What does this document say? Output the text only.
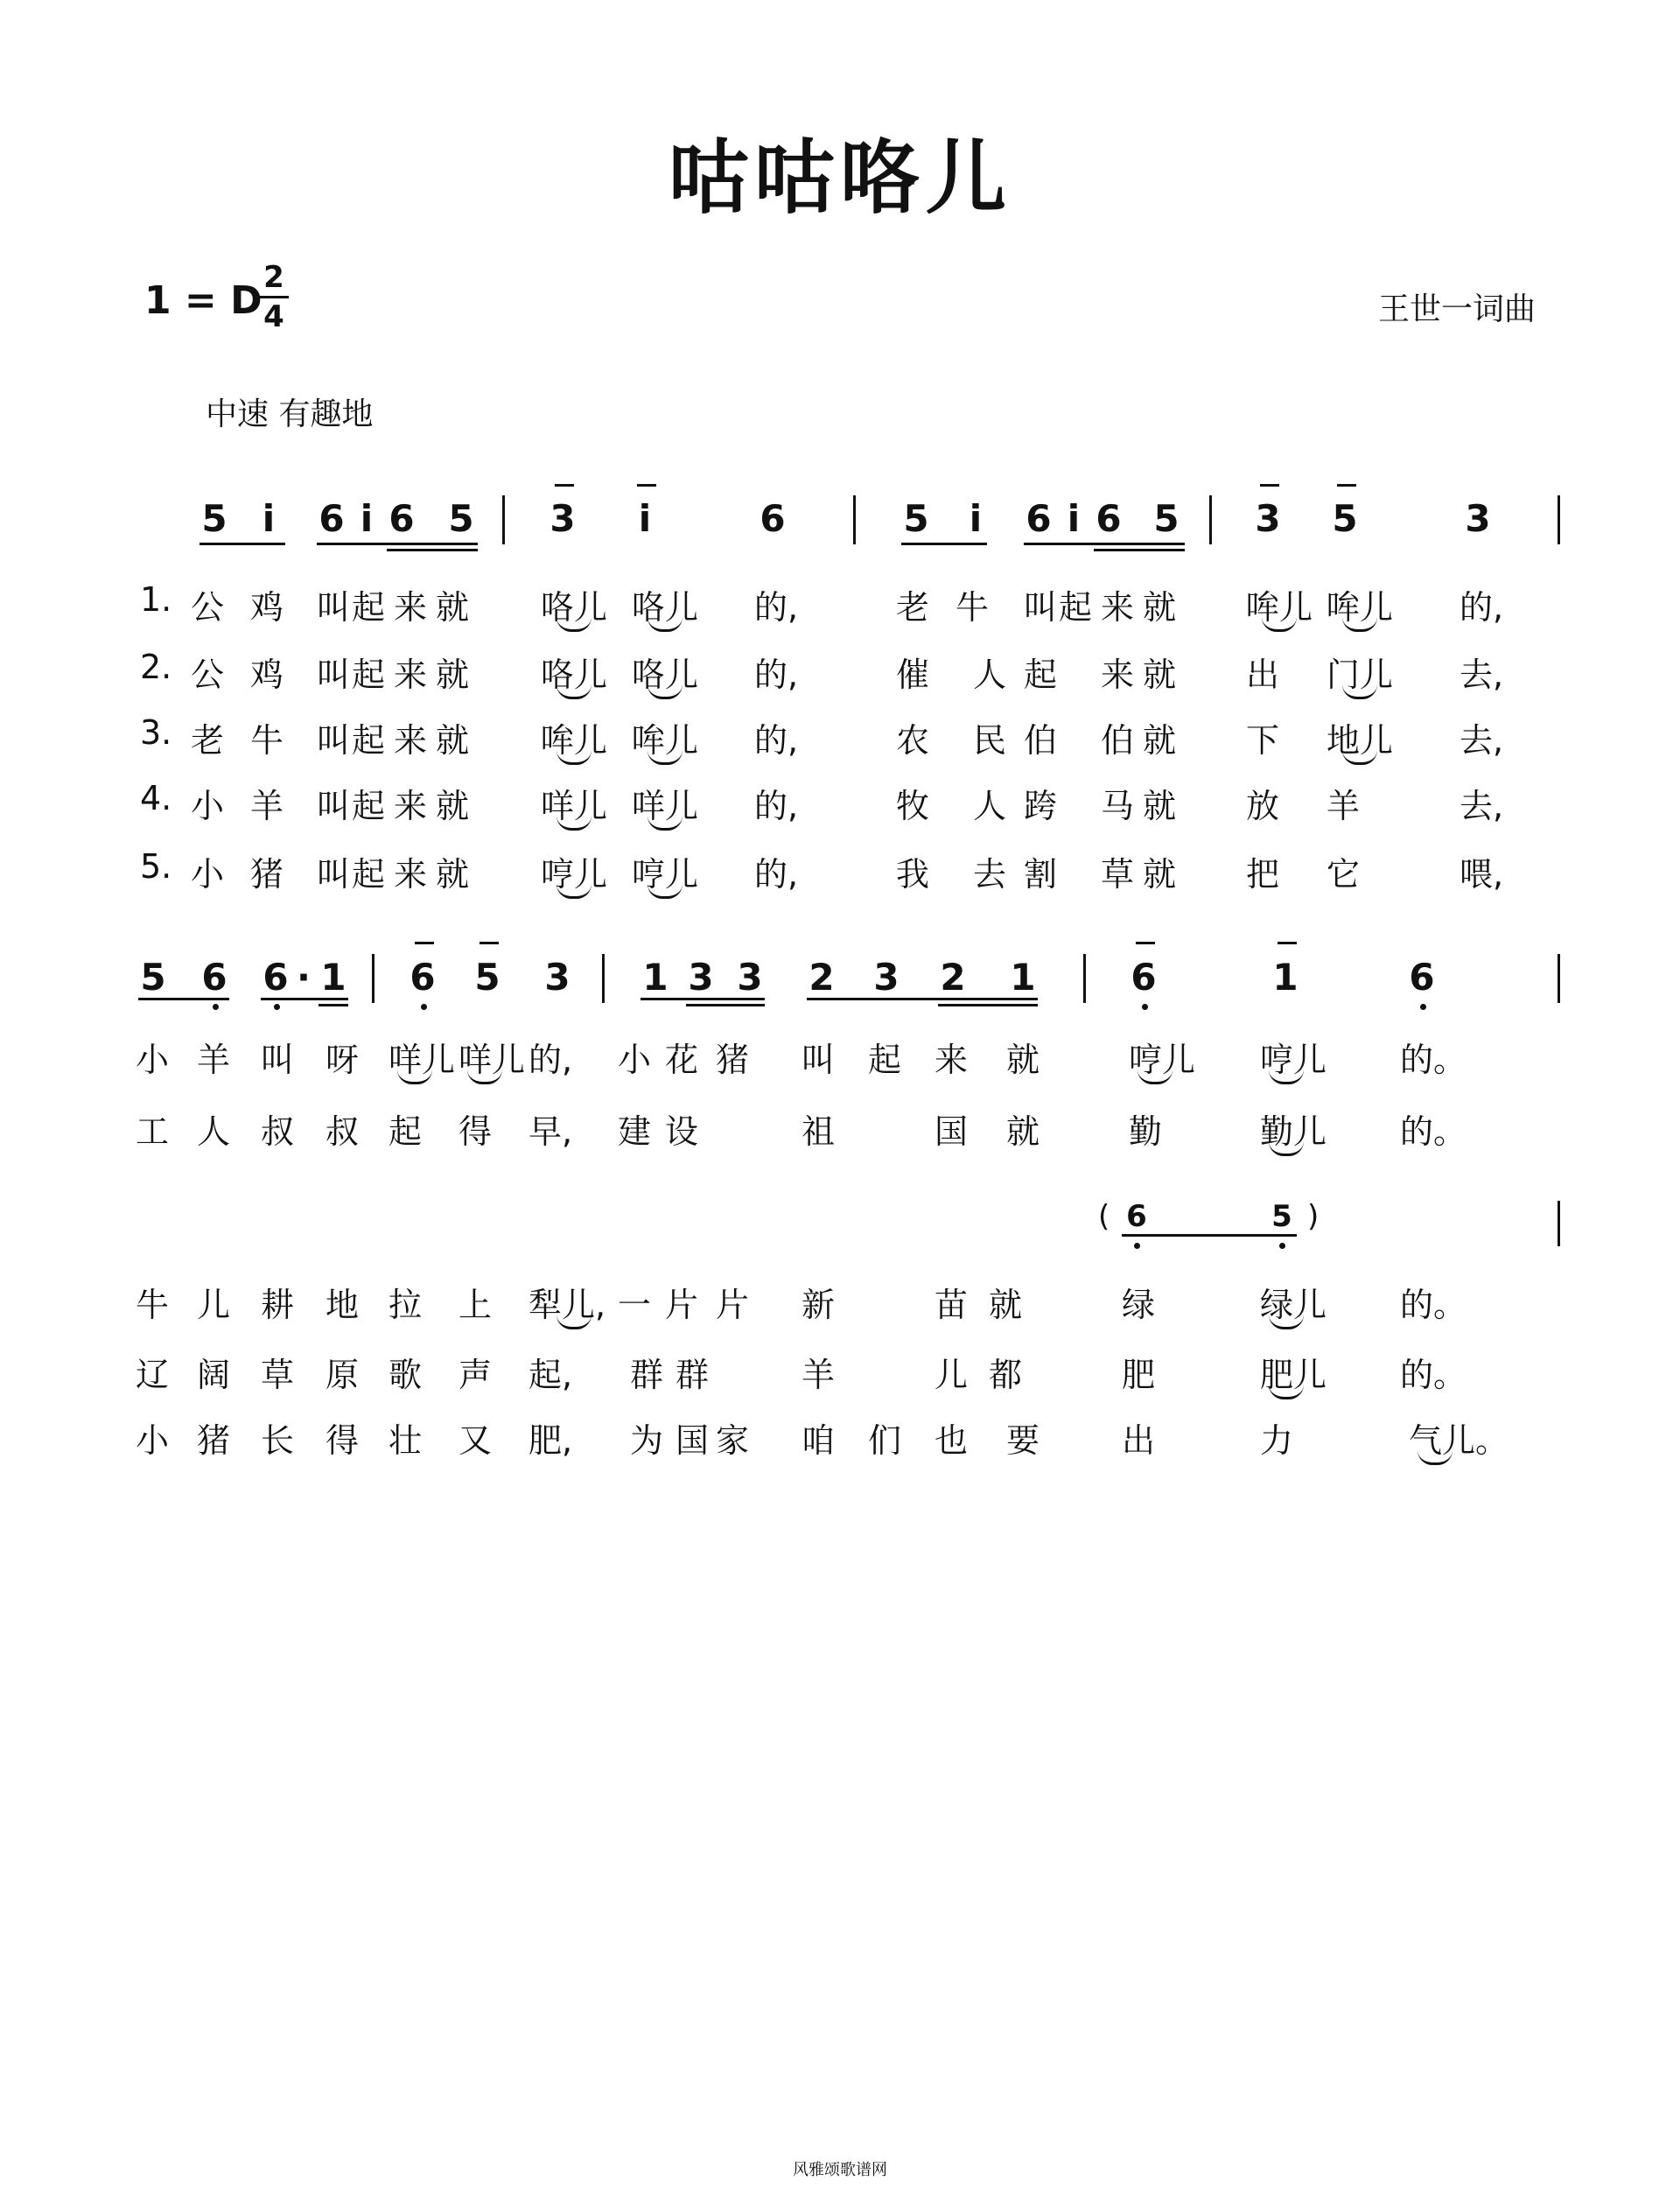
咕咕咯儿
1 = D
2
4	王世一词曲
中速 有趣地
5 i 6 i 6 5 3 i	6	5 i 6 i 6 5 3 5	3
1. 公 鸡 叫 起 来 就 咯儿 咯儿 的,	老 牛 叫 起 来 就 哞儿 哞儿 的,
2. 公 鸡 叫 起 来 就 咯儿 咯儿 的,	催 人 起 来 就 出 门儿 去,
3. 老 牛 叫 起 来 就 哞儿 哞儿 的,	农 民 伯 伯 就 下 地儿 去,
4. 小 羊 叫 起 来 就 咩儿 咩儿 的,	牧 人 跨 马 就 放 羊	去,
5. 小 猪 叫 起 来 就 哼儿 哼儿 的,	我 去 割 草 就 把 它	喂,
5 6 6 · 1 6 5 3 1 3 3 2 3 2 1	6	1	6
小 羊 叫 呀 咩儿 咩儿 的, 小 花 猪 叫 起 来 就	哼儿 哼儿 的。
工 人 叔 叔 起 得 早, 建 设	祖	国 就	勤	勤儿 的。
( 6	5 )
牛 儿 耕 地 拉 上 犁儿, 一 片 片 新	苗 就	绿	绿儿 的。
辽 阔 草 原 歌 声 起, 群 群	羊	儿 都	肥	肥儿 的。
小 猪 长 得 壮 又 肥, 为 国 家 咱 们 也 要 出	力	气儿。
风雅颂歌谱网
